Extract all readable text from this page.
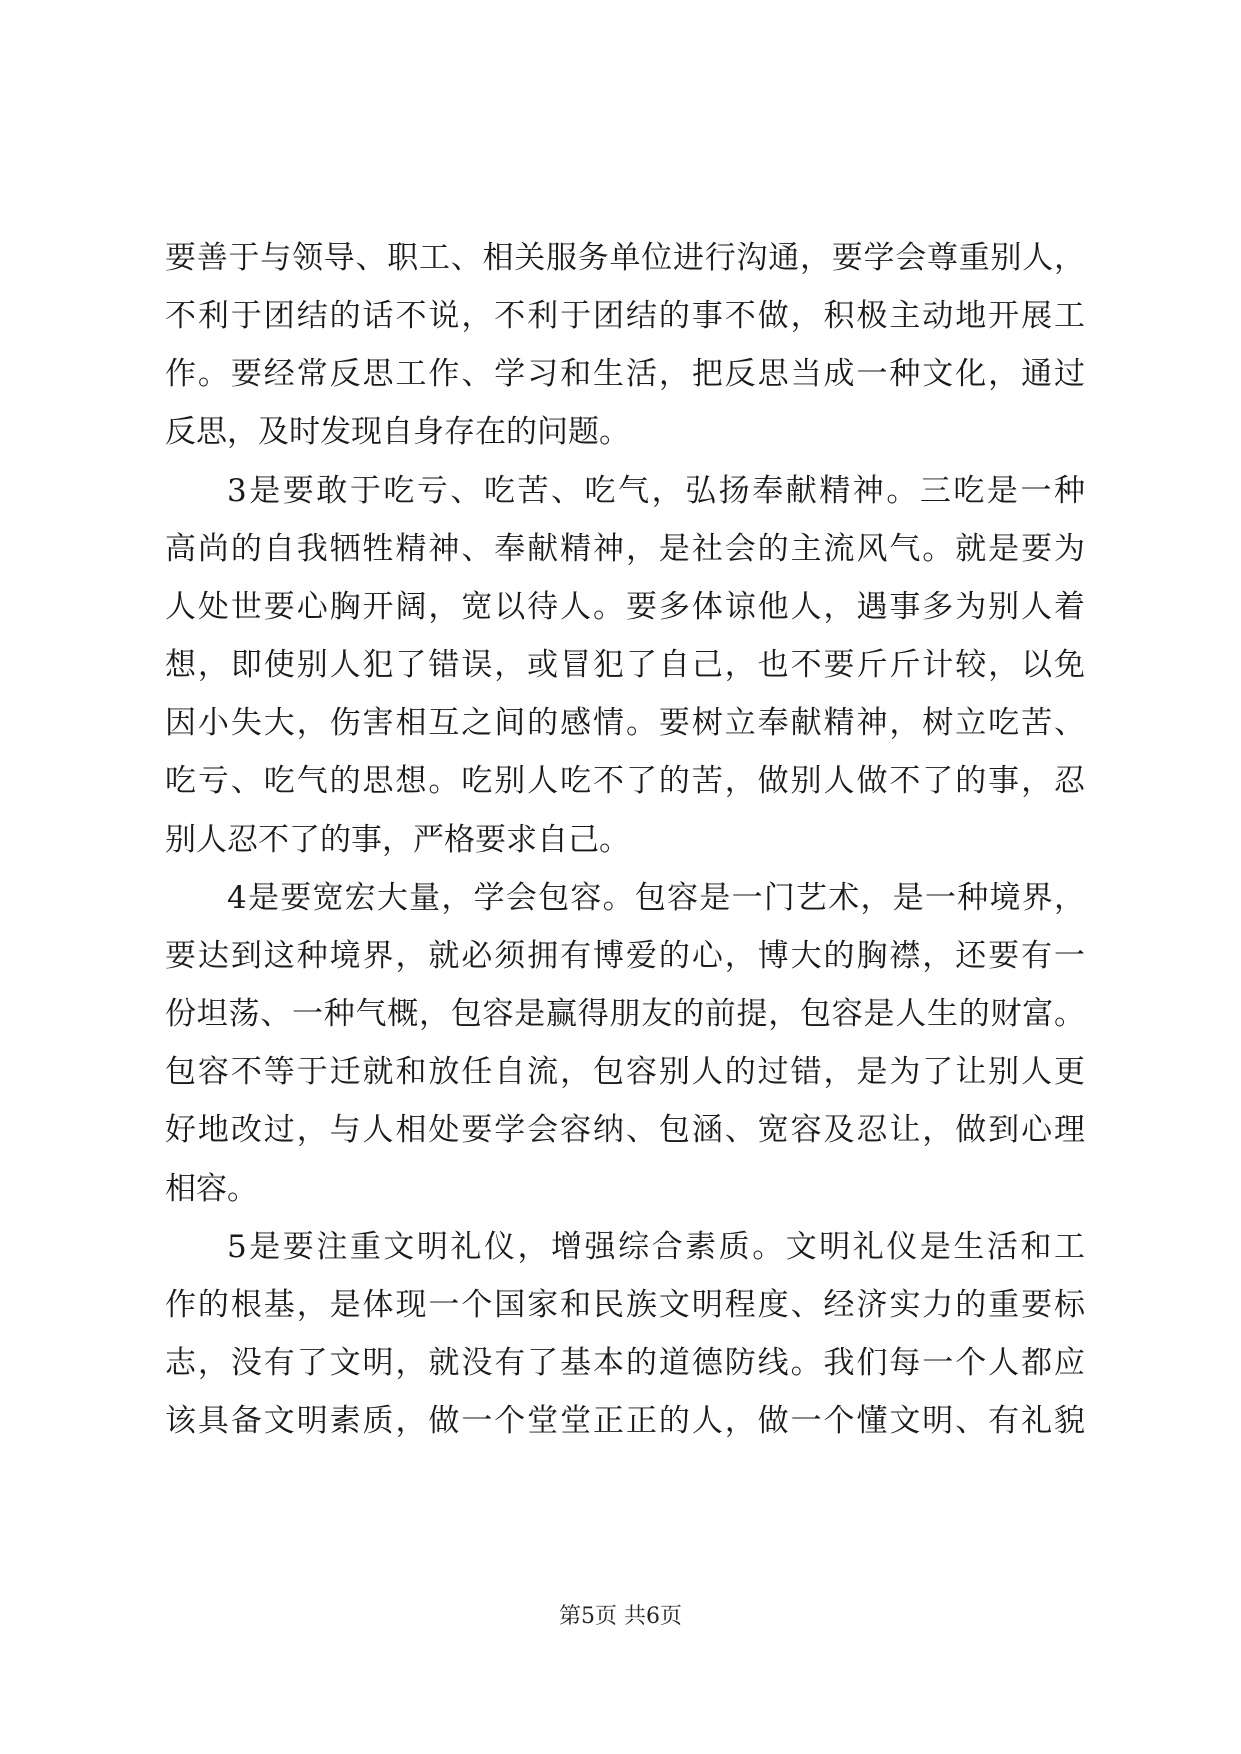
要善于与领导、职工、相关服务单位进行沟通，要学会尊重别人，
不利于团结的话不说，不利于团结的事不做，积极主动地开展工
作。要经常反思工作、学习和生活，把反思当成一种文化，通过
反思，及时发现自身存在的问题。
3是要敢于吃亏、吃苦、吃气，弘扬奉献精神。三吃是一种
高尚的自我牺牲精神、奉献精神，是社会的主流风气。就是要为
人处世要心胸开阔，宽以待人。要多体谅他人，遇事多为别人着
想，即使别人犯了错误，或冒犯了自己，也不要斤斤计较，以免
因小失大，伤害相互之间的感情。要树立奉献精神，树立吃苦、
吃亏、吃气的思想。吃别人吃不了的苦，做别人做不了的事，忍
别人忍不了的事，严格要求自己。
4是要宽宏大量，学会包容。包容是一门艺术，是一种境界，
要达到这种境界，就必须拥有博爱的心，博大的胸襟，还要有一
份坦荡、一种气概，包容是赢得朋友的前提，包容是人生的财富。
包容不等于迁就和放任自流，包容别人的过错，是为了让别人更
好地改过，与人相处要学会容纳、包涵、宽容及忍让，做到心理
相容。
5是要注重文明礼仪，增强综合素质。文明礼仪是生活和工
作的根基，是体现一个国家和民族文明程度、经济实力的重要标
志，没有了文明，就没有了基本的道德防线。我们每一个人都应
该具备文明素质，做一个堂堂正正的人，做一个懂文明、有礼貌
第5页 共6页
